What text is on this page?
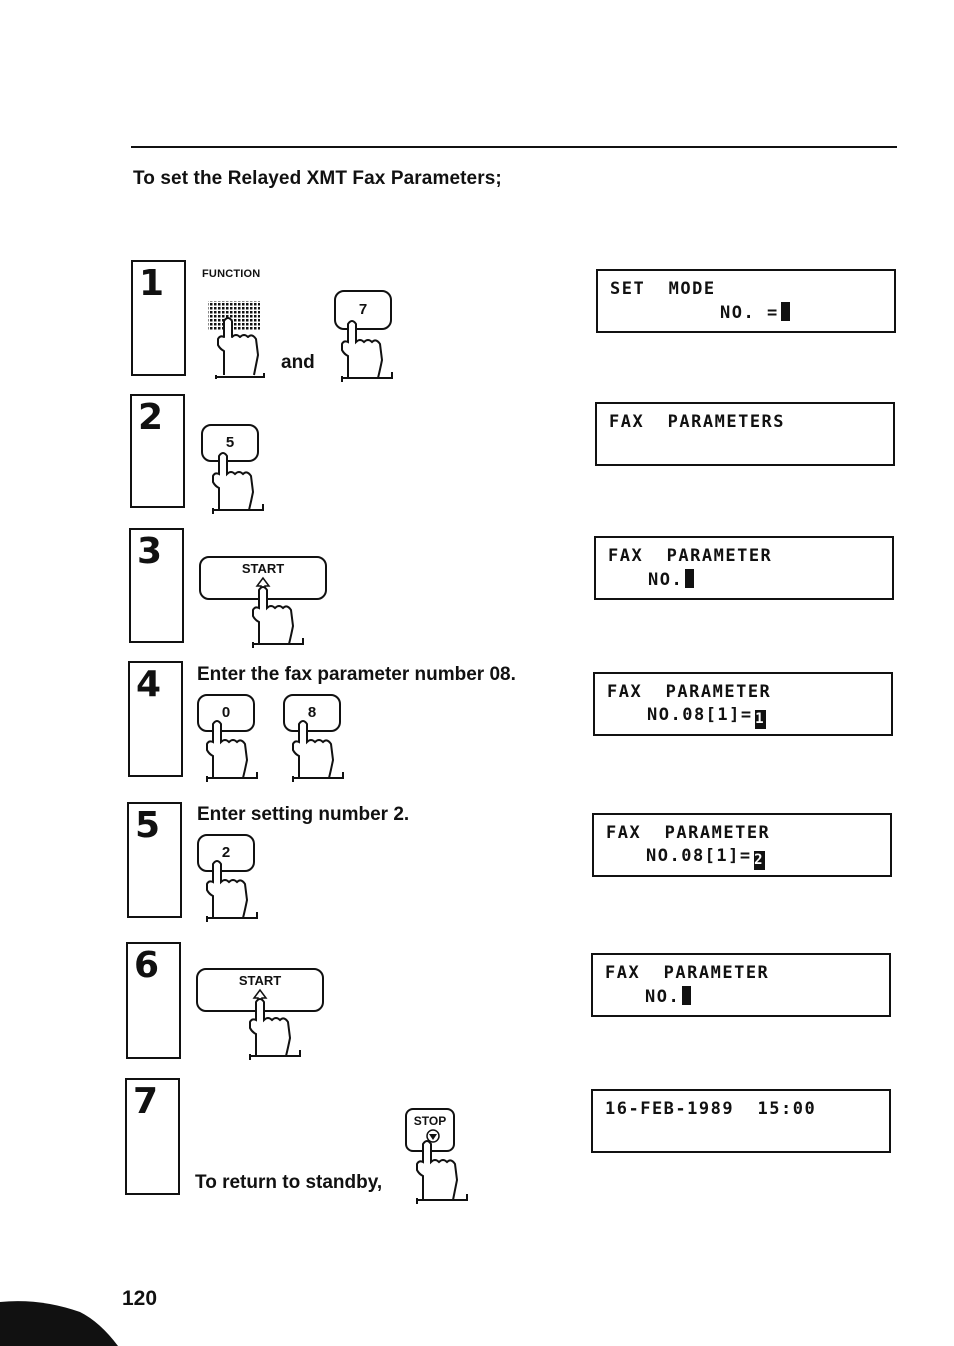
To set the Relayed XMT Fax Parameters;
1	FUNCTION
and
7
SET  MODE
NO. =
2
5
FAX  PARAMETERS
3	START
FAX  PARAMETER
NO.
4 Enter the fax parameter number 08.
0	8
FAX  PARAMETER
NO.08[1]= 1
5 Enter setting number 2.
2
FAX  PARAMETER
NO.08[1]= 2
6	START	FAX  PARAMETER
NO.
7
To return to standby,
STOP
16-FEB-1989  15:00
120
